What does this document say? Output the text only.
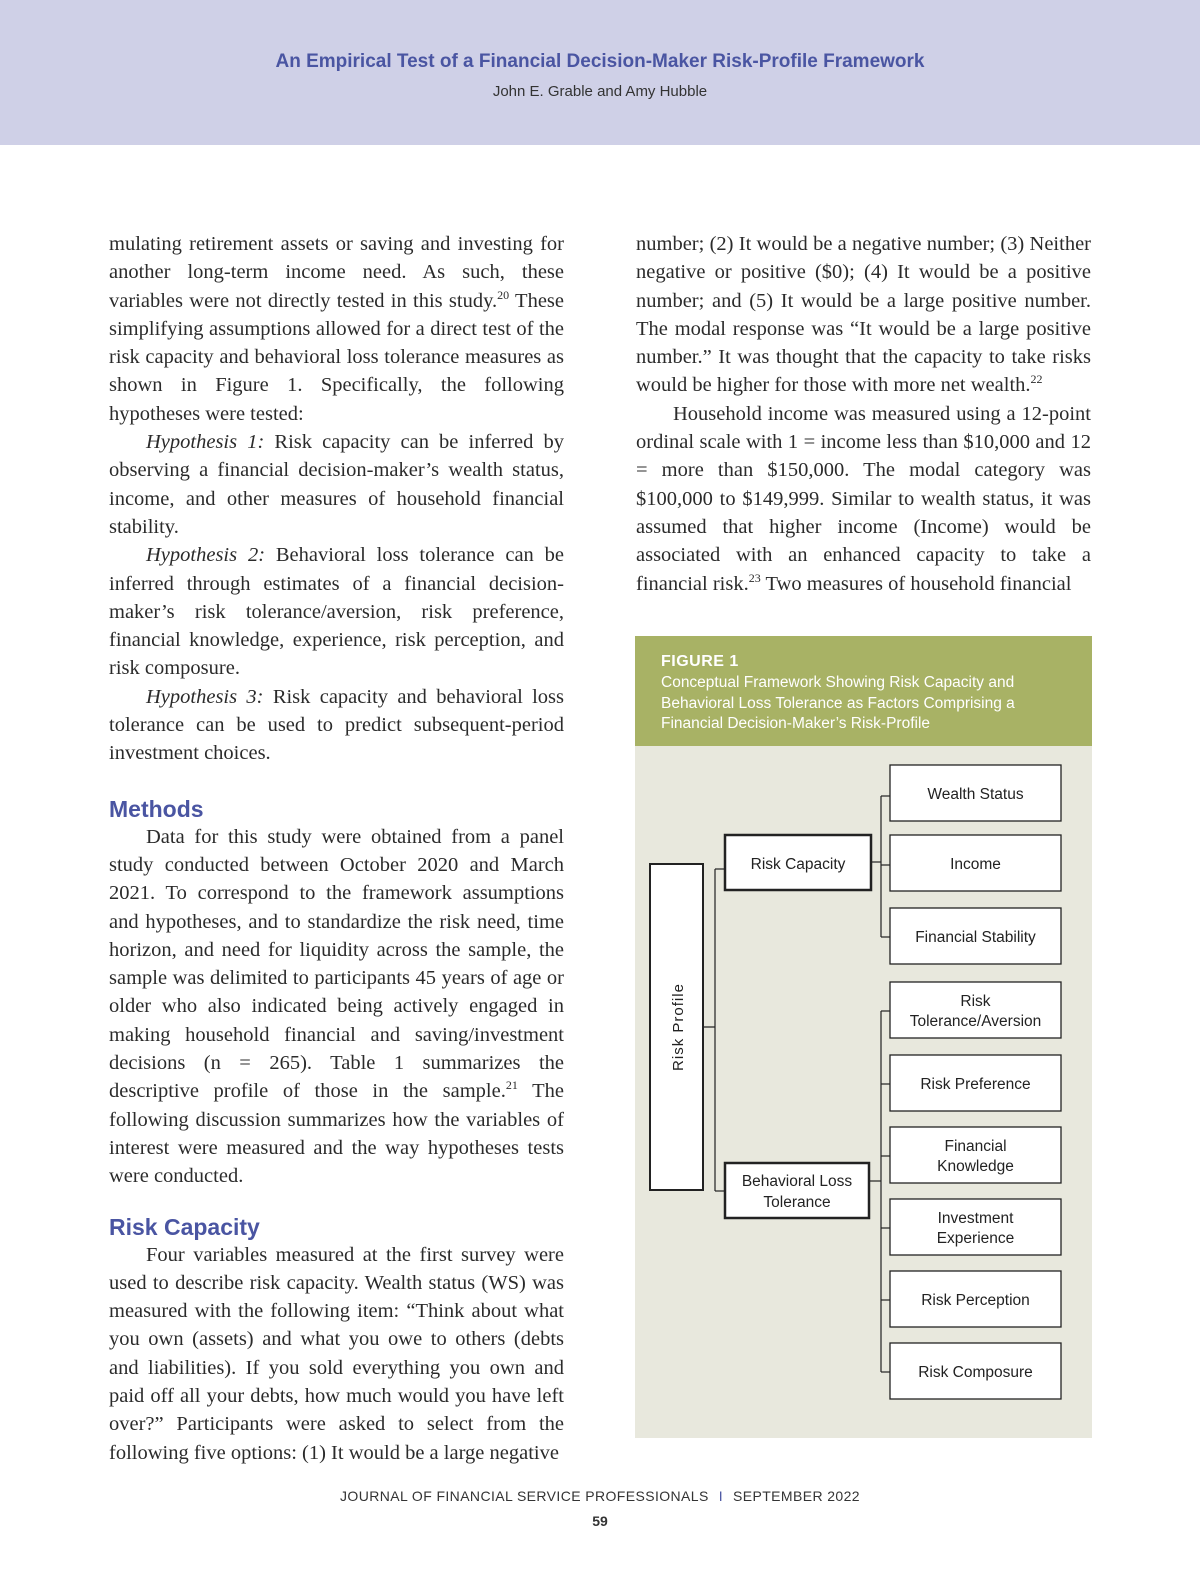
An Empirical Test of a Financial Decision-Maker Risk-Profile Framework
John E. Grable and Amy Hubble

mulating retirement assets or saving and investing for another long-term income need. As such, these variables were not directly tested in this study.$^{20}$ These simplifying assumptions allowed for a direct test of the risk capacity and behavioral loss tolerance measures as shown in Figure 1. Specifically, the following hypotheses were tested:

Hypothesis 1: Risk capacity can be inferred by observing a financial decision-maker’s wealth status, income, and other measures of household financial stability.

Hypothesis 2: Behavioral loss tolerance can be inferred through estimates of a financial decision-maker’s risk tolerance/aversion, risk preference, financial knowledge, experience, risk perception, and risk composure.

Hypothesis 3: Risk capacity and behavioral loss tolerance can be used to predict subsequent-period investment choices.

Methods

Data for this study were obtained from a panel study conducted between October 2020 and March 2021. To correspond to the framework assumptions and hypotheses, and to standardize the risk need, time horizon, and need for liquidity across the sample, the sample was delimited to participants 45 years of age or older who also indicated being actively engaged in making household financial and saving/investment decisions (n = 265). Table 1 summarizes the descriptive profile of those in the sample.$^{21}$ The following discussion summarizes how the variables of interest were measured and the way hypotheses tests were conducted.

Risk Capacity

Four variables measured at the first survey were used to describe risk capacity. Wealth status (WS) was measured with the following item: “Think about what you own (assets) and what you owe to others (debts and liabilities). If you sold everything you own and paid off all your debts, how much would you have left over?” Participants were asked to select from the following five options: (1) It would be a large negative

number; (2) It would be a negative number; (3) Neither negative or positive ($0); (4) It would be a positive number; and (5) It would be a large positive number. The modal response was “It would be a large positive number.” It was thought that the capacity to take risks would be higher for those with more net wealth.$^{22}$

Household income was measured using a 12-point ordinal scale with 1 = income less than $10,000 and 12 = more than $150,000. The modal category was $100,000 to $149,999. Similar to wealth status, it was assumed that higher income (Income) would be associated with an enhanced capacity to take a financial risk.$^{23}$ Two measures of household financial

FIGURE 1
Conceptual Framework Showing Risk Capacity and Behavioral Loss Tolerance as Factors Comprising a Financial Decision-Maker’s Risk-Profile
Risk Profile
Risk Capacity
Behavioral Loss Tolerance
Wealth Status
Income
Financial Stability
Risk Tolerance/Aversion
Risk Preference
Financial Knowledge
Investment Experience
Risk Perception
Risk Composure
JOURNAL OF FINANCIAL SERVICE PROFESSIONALS I SEPTEMBER 2022
59
